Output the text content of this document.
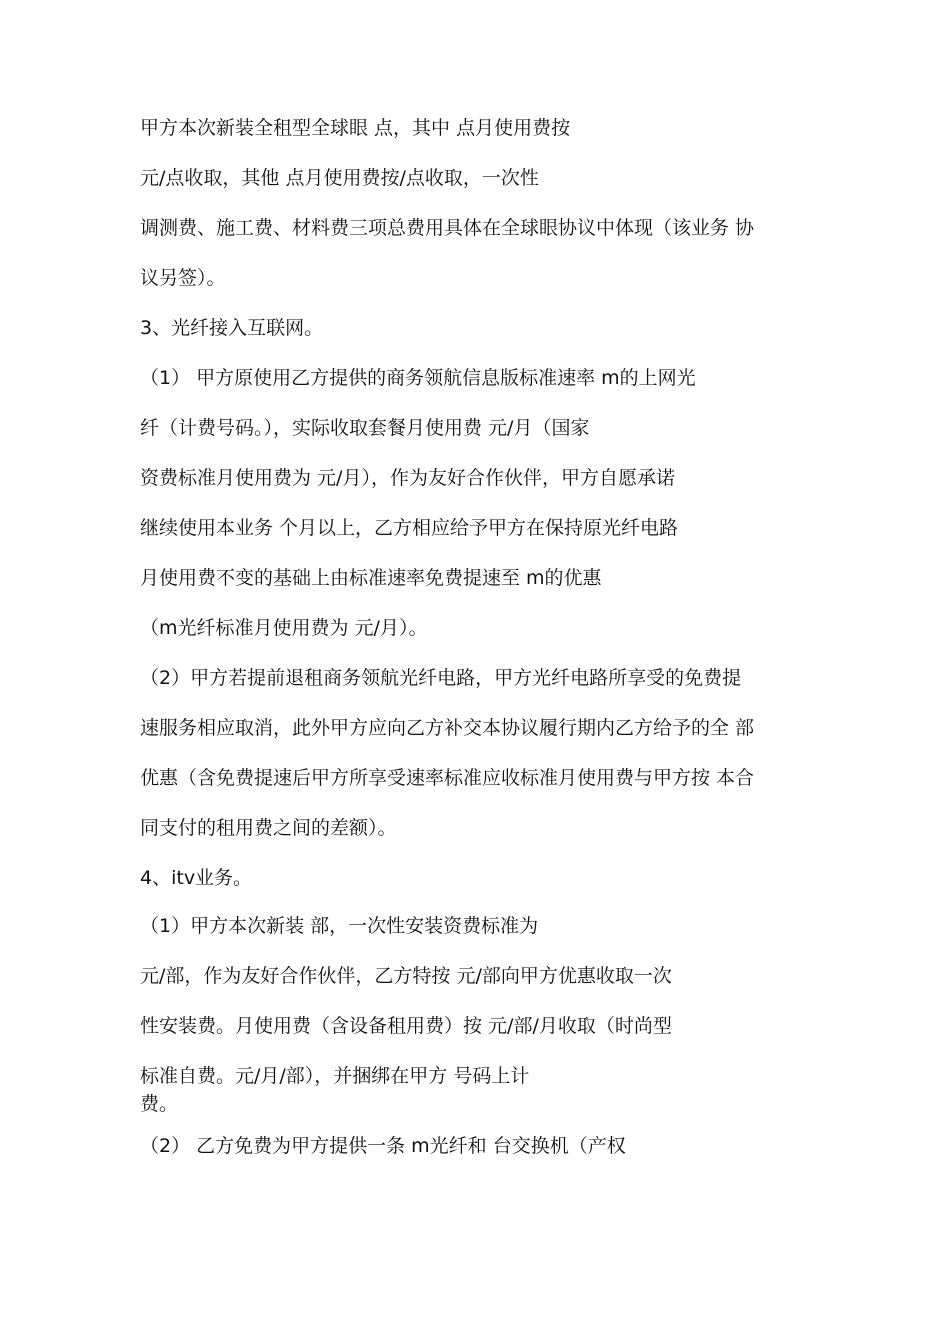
甲方本次新装全租型全球眼 点，其中 点月使用费按

元/点收取，其他 点月使用费按/点收取，一次性

调测费、施工费、材料费三项总费用具体在全球眼协议中体现（该业务 协

议另签）。

3、光纤接入互联网。

（1） 甲方原使用乙方提供的商务领航信息版标准速率 m的上网光

纤（计费号码。），实际收取套餐月使用费 元/月（国家

资费标准月使用费为 元/月），作为友好合作伙伴，甲方自愿承诺

继续使用本业务 个月以上，乙方相应给予甲方在保持原光纤电路

月使用费不变的基础上由标准速率免费提速至 m的优惠

（m光纤标准月使用费为 元/月）。

（2）甲方若提前退租商务领航光纤电路，甲方光纤电路所享受的免费提

速服务相应取消，此外甲方应向乙方补交本协议履行期内乙方给予的全 部

优惠（含免费提速后甲方所享受速率标准应收标准月使用费与甲方按 本合

同支付的租用费之间的差额）。

4、itv业务。

（1）甲方本次新装 部，一次性安装资费标准为

元/部，作为友好合作伙伴，乙方特按 元/部向甲方优惠收取一次

性安装费。月使用费（含设备租用费）按 元/部/月收取（时尚型

标准自费。元/月/部），并捆绑在甲方 号码上计

费。

（2） 乙方免费为甲方提供一条 m光纤和 台交换机（产权
